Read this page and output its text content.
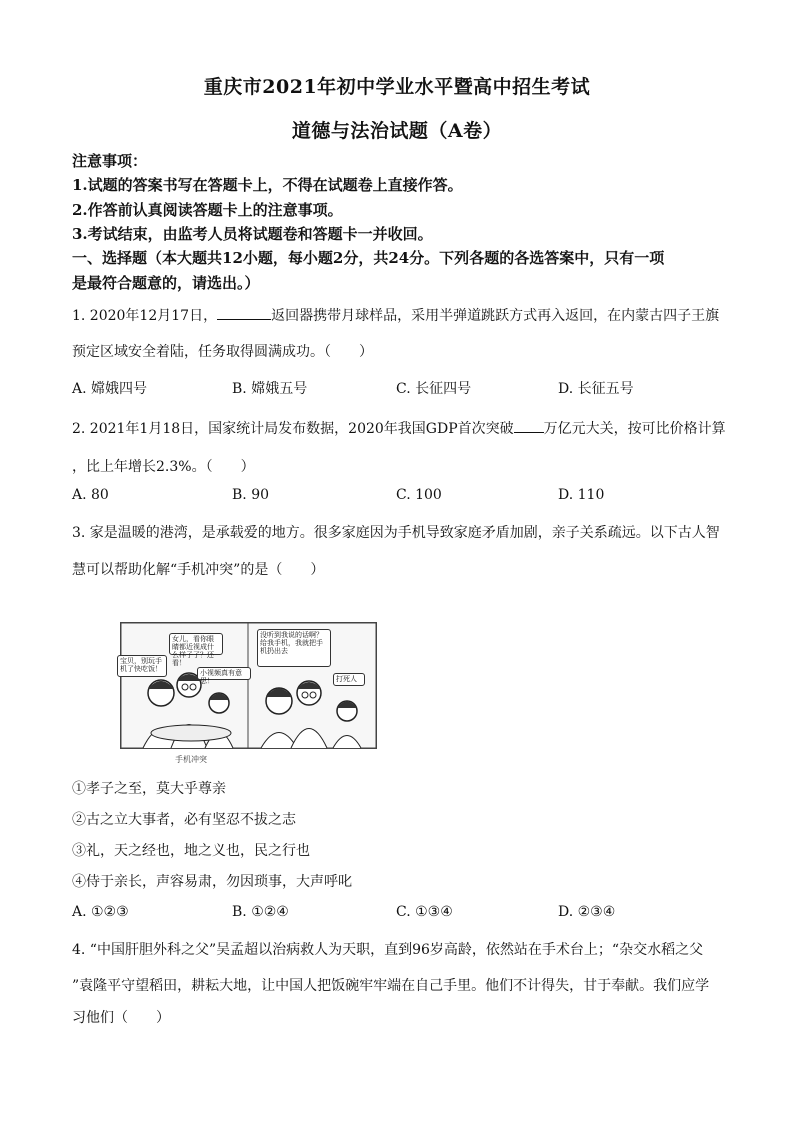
重庆市2021年初中学业水平暨高中招生考试
道德与法治试题（A卷）
注意事项：
1.试题的答案书写在答题卡上，不得在试题卷上直接作答。
2.作答前认真阅读答题卡上的注意事项。
3.考试结束，由监考人员将试题卷和答题卡一并收回。
一、选择题（本大题共12小题，每小题2分，共24分。下列各题的各选答案中，只有一项
是最符合题意的，请选出。）
1. 2020年12月17日，	返回器携带月球样品，采用半弹道跳跃方式再入返回，在内蒙古四子王旗
预定区域安全着陆，任务取得圆满成功。（　　）
A. 嫦娥四号	B. 嫦娥五号	C. 长征四号	D. 长征五号
2. 2021年1月18日，国家统计局发布数据，2020年我国GDP首次突破 万亿元大关，按可比价格计算
，比上年增长2.3%。（　　）
A. 80	B. 90	C. 100	D. 110
3. 家是温暖的港湾，是承载爱的地方。很多家庭因为手机导致家庭矛盾加剧，亲子关系疏远。以下古人智
慧可以帮助化解“手机冲突”的是（　　）
宝贝，别玩手机了快吃饭！
女儿，看你眼睛都近视成什么样子了？还看！
小视频真有意思！
没听到我说的话啊？给我手机，我就把手机扔出去
打死人
手机冲突
①孝子之至，莫大乎尊亲
②古之立大事者，必有坚忍不拔之志
③礼，天之经也，地之义也，民之行也
④侍于亲长，声容易肃，勿因琐事，大声呼叱
A. ①②③	B. ①②④	C. ①③④	D. ②③④
4. “中国肝胆外科之父”吴孟超以治病救人为天职，直到96岁高龄，依然站在手术台上；“杂交水稻之父
”袁隆平守望稻田，耕耘大地，让中国人把饭碗牢牢端在自己手里。他们不计得失，甘于奉献。我们应学
习他们（　　）
